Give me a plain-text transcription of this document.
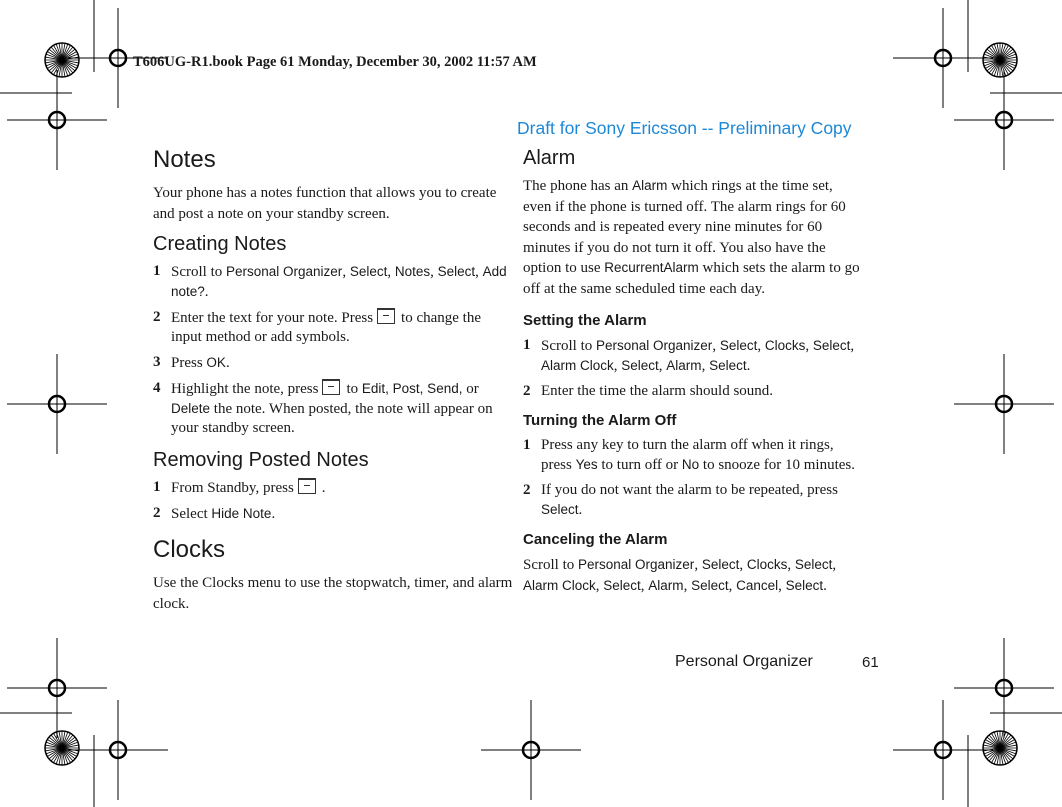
T606UG-R1.book Page 61 Monday, December 30, 2002 11:57 AM
Draft for Sony Ericsson -- Preliminary Copy
Notes

Your phone has a notes function that allows you to create and post a note on your standby screen.

Creating Notes
1 Scroll to Personal Organizer, Select, Notes, Select, Add note?.
2 Enter the text for your note. Press to change the input method or add symbols.
3 Press OK.
4 Highlight the note, press to Edit, Post, Send, or Delete the note. When posted, the note will appear on your standby screen.
Removing Posted Notes
1 From Standby, press .
2 Select Hide Note.
Clocks

Use the Clocks menu to use the stopwatch, timer, and alarm clock.

Alarm

The phone has an Alarm which rings at the time set, even if the phone is turned off. The alarm rings for 60 seconds and is repeated every nine minutes for 60 minutes if you do not turn it off. You also have the option to use RecurrentAlarm which sets the alarm to go off at the same scheduled time each day.

Setting the Alarm
1 Scroll to Personal Organizer, Select, Clocks, Select, Alarm Clock, Select, Alarm, Select.
2 Enter the time the alarm should sound.
Turning the Alarm Off
1 Press any key to turn the alarm off when it rings, press Yes to turn off or No to snooze for 10 minutes.
2 If you do not want the alarm to be repeated, press Select.
Canceling the Alarm

Scroll to Personal Organizer, Select, Clocks, Select, Alarm Clock, Select, Alarm, Select, Cancel, Select.

Personal Organizer	61
